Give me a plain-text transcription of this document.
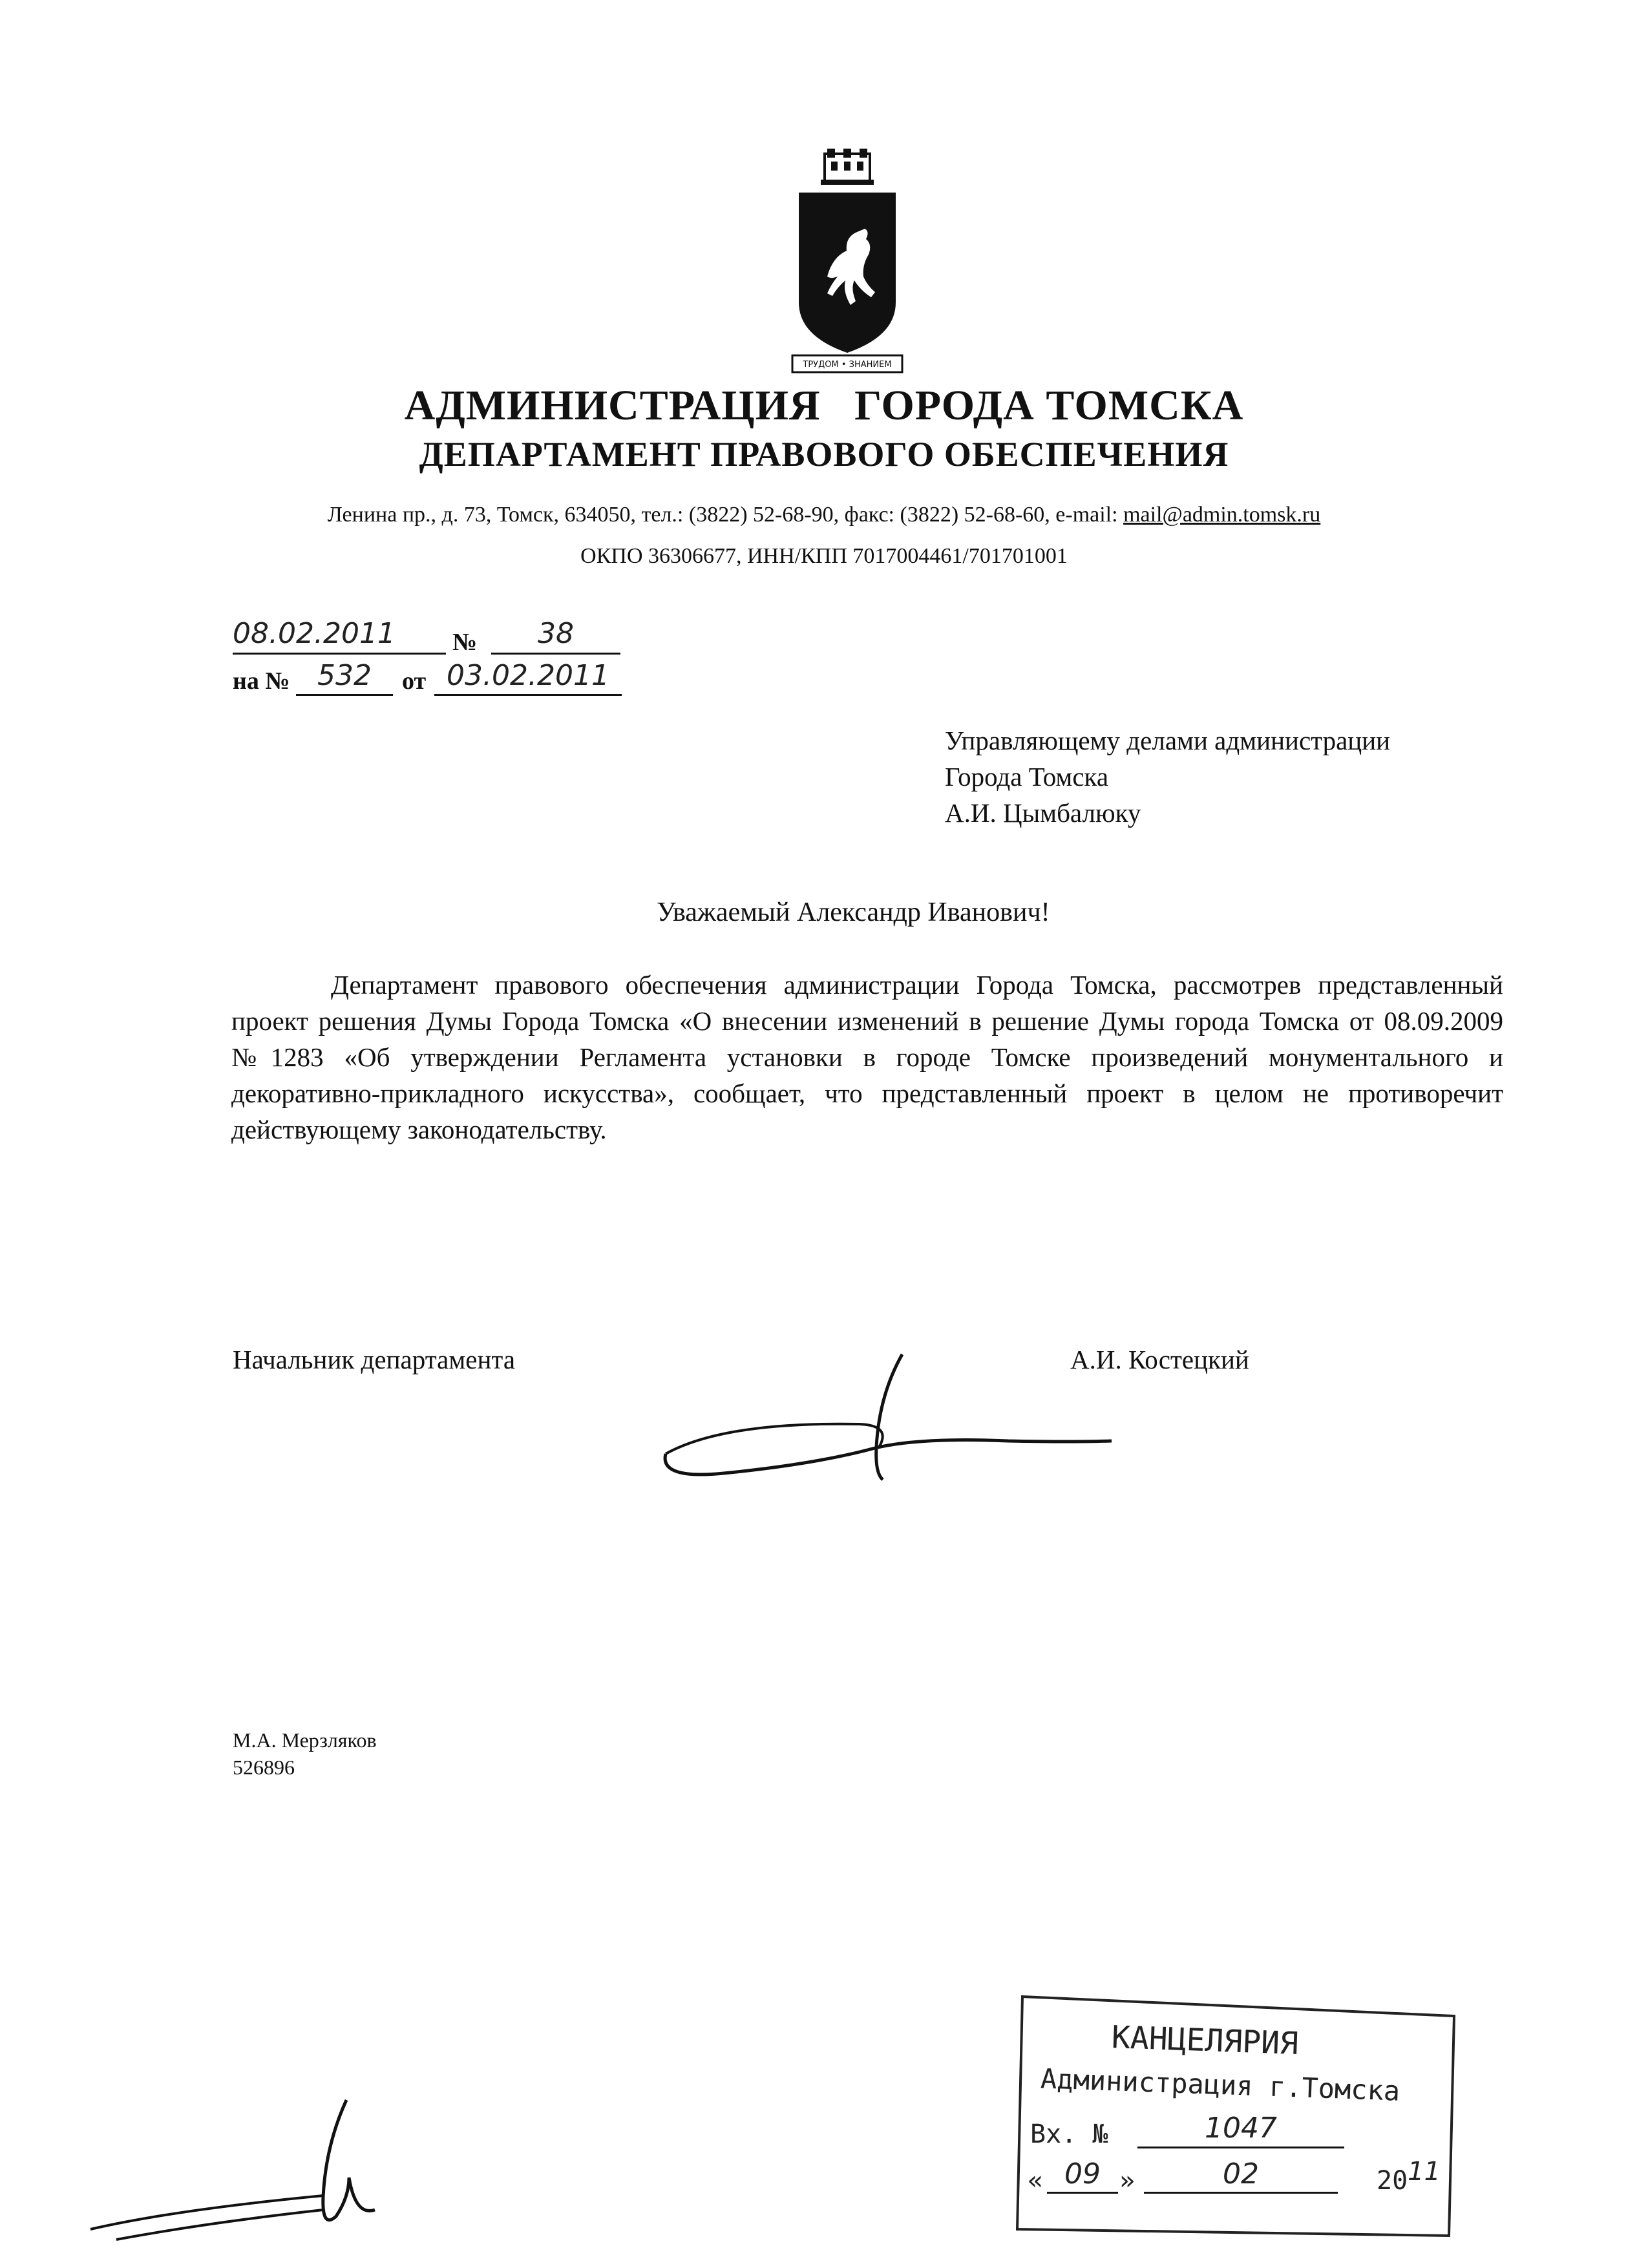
ТРУДОМ • ЗНАНИЕМ
АДМИНИСТРАЦИЯ   ГОРОДА ТОМСКА
ДЕПАРТАМЕНТ ПРАВОВОГО ОБЕСПЕЧЕНИЯ
Ленина пр., д. 73, Томск, 634050, тел.: (3822) 52-68-90, факс: (3822) 52-68-60, e-mail: mail@admin.tomsk.ru
ОКПО 36306677, ИНН/КПП 7017004461/701701001
08.02.2011	№	38
на № 532	от 03.02.2011
Управляющему делами администрации
Города Томска
А.И. Цымбалюку
Уважаемый Александр Иванович!
Департамент правового обеспечения администрации Города Томска, рассмотрев представленный проект решения Думы Города Томска «О внесении изменений в решение Думы города Томска от 08.09.2009 №1283 «Об утверждении Регламента установки в городе Томске произведений монументального и декоративно-прикладного искусства», сообщает, что представленный проект в целом не противоречит действующему законодательству.
Начальник департамента	А.И. Костецкий
М.А. Мерзляков
526896
КАНЦЕЛЯРИЯ
Администрация г.Томска
Вх. №	1047
« 09 »	02	20 11
